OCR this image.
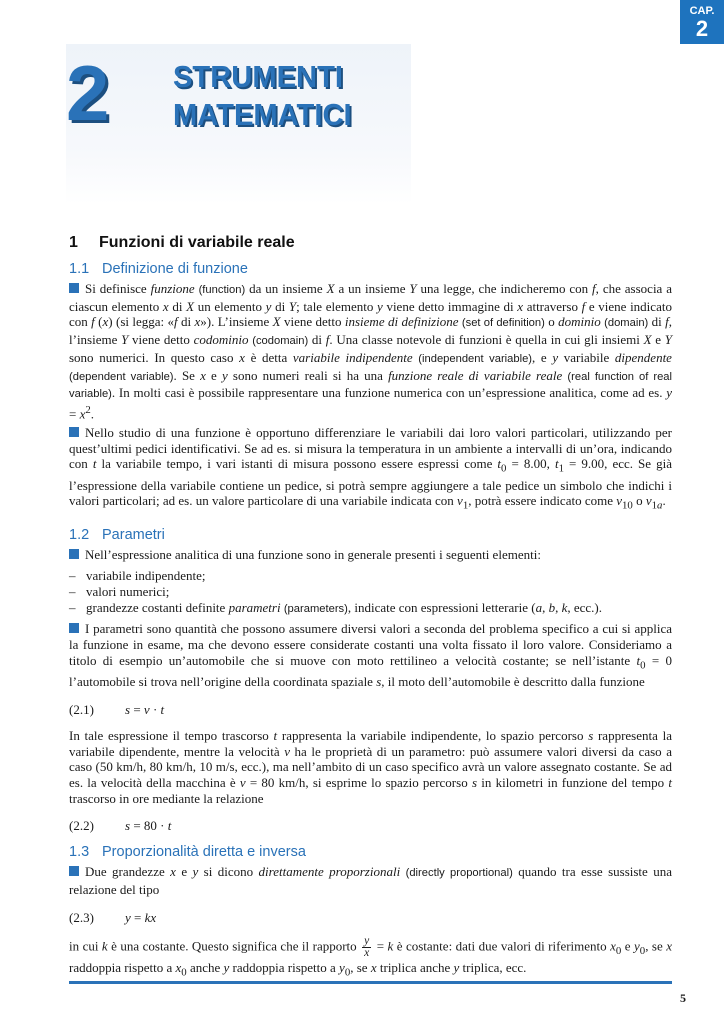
CAP.
2
2 STRUMENTI
MATEMATICI
1 Funzioni di variabile reale
1.1 Definizione di funzione

Si definisce funzione (function) da un insieme X a un insieme Y una legge, che indicheremo con f, che associa a ciascun elemento x di X un elemento y di Y; tale elemento y viene detto immagine di x attraverso f e viene indicato con f (x) (si legga: «f di x»). L’insieme X viene detto insieme di definizione (set of definition) o dominio (domain) di f, l’insieme Y viene detto codominio (codomain) di f. Una classe notevole di funzioni è quella in cui gli insiemi X e Y sono numerici. In questo caso x è detta variabile indipendente (independent variable), e y variabile dipendente (dependent variable). Se x e y sono numeri reali si ha una funzione reale di variabile reale (real function of real variable). In molti casi è possibile rappresentare una funzione numerica con un’espressione analitica, come ad es. $y = x^2$.

Nello studio di una funzione è opportuno differenziare le variabili dai loro valori particolari, utilizzando per quest’ultimi pedici identificativi. Se ad es. si misura la temperatura in un ambiente a intervalli di un’ora, indicando con t la variabile tempo, i vari istanti di misura possono essere espressi come $t_0 = 8.00$, $t_1 = 9.00$, ecc. Se già l’espressione della variabile contiene un pedice, si potrà sempre aggiungere a tale pedice un simbolo che indichi i valori particolari; ad es. un valore particolare di una variabile indicata con $v_1$, potrà essere indicato come $v_{10}$ o $v_{1a}$.

1.2 Parametri

Nell’espressione analitica di una funzione sono in generale presenti i seguenti elementi:

– variabile indipendente;
– valori numerici;
– grandezze costanti definite parametri (parameters), indicate con espressioni letterarie (a, b, k, ecc.).

I parametri sono quantità che possono assumere diversi valori a seconda del problema specifico a cui si applica la funzione in esame, ma che devono essere considerate costanti una volta fissato il loro valore. Consideriamo a titolo di esempio un’automobile che si muove con moto rettilineo a velocità costante; se nell’istante $t_0 = 0$ l’automobile si trova nell’origine della coordinata spaziale s, il moto dell’automobile è descritto dalla funzione

(2.1) s = v · t

In tale espressione il tempo trascorso t rappresenta la variabile indipendente, lo spazio percorso s rappresenta la variabile dipendente, mentre la velocità v ha le proprietà di un parametro: può assumere valori diversi da caso a caso (50 km/h, 80 km/h, 10 m/s, ecc.), ma nell’ambito di un caso specifico avrà un valore assegnato costante. Se ad es. la velocità della macchina è v = 80 km/h, si esprime lo spazio percorso s in kilometri in funzione del tempo t trascorso in ore mediante la relazione

(2.2) s = 80 · t
1.3 Proporzionalità diretta e inversa

Due grandezze x e y si dicono direttamente proporzionali (directly proportional) quando tra esse sussiste una relazione del tipo

(2.3) y = kx

in cui k è una costante. Questo significa che il rapporto $\frac{y}{x} = k$ è costante: dati due valori di riferimento $x_0$ e $y_0$, se x raddoppia rispetto a $x_0$ anche y raddoppia rispetto a $y_0$, se x triplica anche y triplica, ecc.

5
